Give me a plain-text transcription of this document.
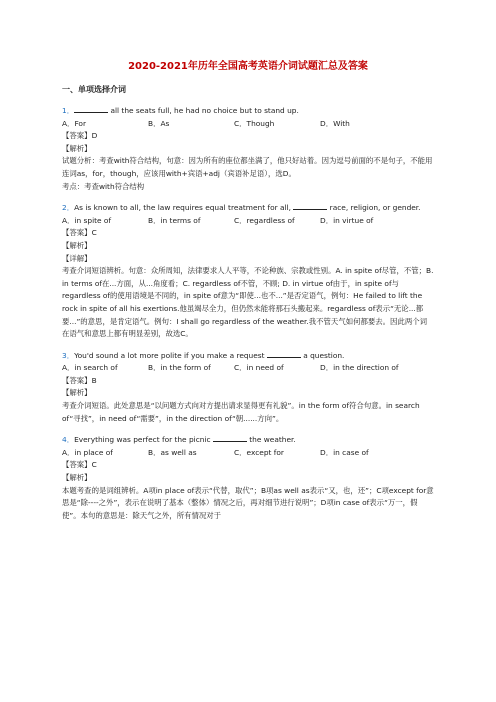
2020-2021年历年全国高考英语介词试题汇总及答案
一、单项选择介词
1．	all the seats full, he had no choice but to stand up.
A．For	B．As	C．Though	D．With
【答案】D
【解析】
试题分析：考查with符合结构，句意：因为所有的座位都坐满了，他只好站着。因为逗号前面的不是句子，不能用连词as，for，though，应该用with+宾语+adj（宾语补足语），选D。
考点：考查with符合结构
2．As is known to all, the law requires equal treatment for all,	race, religion, or gender.
A．in spite of	B．in terms of	C．regardless of	D．in virtue of
【答案】C
【解析】
【详解】
考查介词短语辨析。句意：众所周知，法律要求人人平等，不论种族、宗教或性别。A. in spite of尽管，不管；B. in terms of在...方面，从...角度看；C. regardless of不管，不顾; D. in virtue of由于，in spite of与regardless of的使用语境是不同的，in spite of意为“即使...也不...”是否定语气，例句：He failed to lift the rock in spite of all his exertions.他虽竭尽全力，但仍然未能将那石头搬起来。regardless of表示“无论...都要...”的意思，是肯定语气。例句：I shall go regardless of the weather.我不管天气如何都要去。因此两个词在语气和意思上都有明显差别，故选C。
3．You'd sound a lot more polite if you make a request	a question.
A．in search of	B．in the form of	C．in need of	D．in the direction of
【答案】B
【解析】
考查介词短语。此处意思是“以问题方式向对方提出请求显得更有礼貌”。in the form of符合句意。in search of“寻找”，in need of“需要”，in the direction of“朝......方向”。
4．Everything was perfect for the picnic	the weather.
A．in place of	B．as well as	C．except for	D．in case of
【答案】C
【解析】
本题考查的是词组辨析。A项in place of表示“代替，取代”；B项as well as表示“又，也，还”；C项except for意思是“除----之外”，表示在说明了基本（整体）情况之后，再对细节进行说明”；D项in case of表示“万一，假使”。本句的意思是：除天气之外，所有情况对于
